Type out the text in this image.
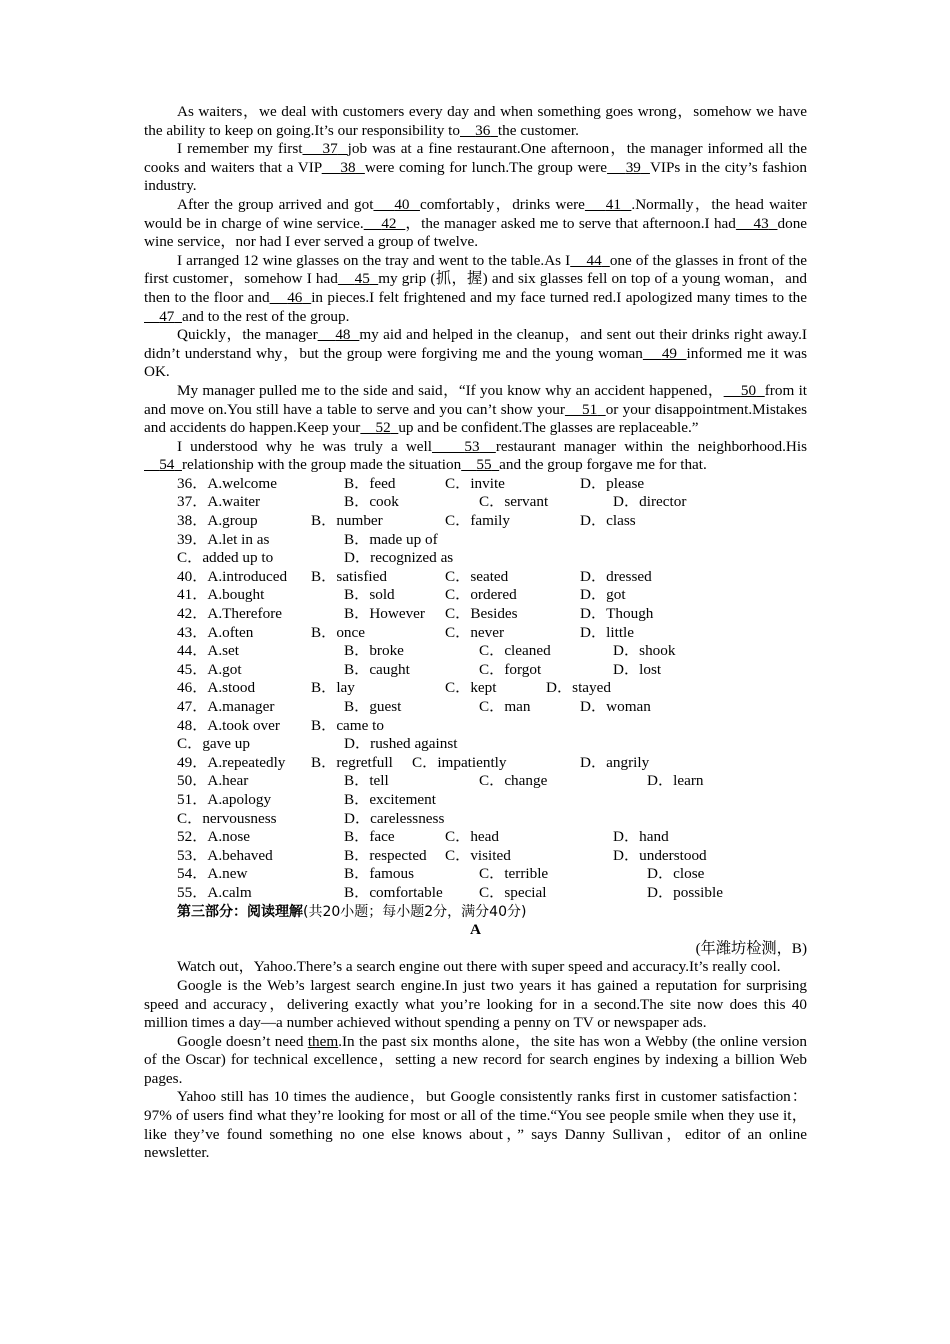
As waiters，we deal with customers every day and when something goes wrong，somehow we have the ability to keep on going.It’s our responsibility to 36 the customer.

I remember my first 37 job was at a fine restaurant.One afternoon，the manager informed all the cooks and waiters that a VIP 38 were coming for lunch.The group were 39 VIPs in the city’s fashion industry.

After the group arrived and got 40 comfortably，drinks were 41 .Normally，the head waiter would be in charge of wine service. 42 ，the manager asked me to serve that afternoon.I had 43 done wine service，nor had I ever served a group of twelve.

I arranged 12 wine glasses on the tray and went to the table.As I 44 one of the glasses in front of the first customer，somehow I had 45 my grip (抓，握) and six glasses fell on top of a young woman，and then to the floor and 46 in pieces.I felt frightened and my face turned red.I apologized many times to the    47 and to the rest of the group.

Quickly，the manager 48 my aid and helped in the cleanup，and sent out their drinks right away.I didn’t understand why，but the group were forgiving me and the young woman 49 informed me it was OK.

My manager pulled me to the side and said，“If you know why an accident happened， 50 from it and move on.You still have a table to serve and you can’t show your 51 or your disappointment.Mistakes and accidents do happen.Keep your 52 up and be confident.The glasses are replaceable.”

I understood why he was truly a well 53 restaurant manager within the neighborhood.His    54 relationship with the group made the situation 55 and the group forgave me for that.

36．A.welcome	B．feed	C．invite	D．please
37．A.waiter	B．cook	C．servant	D．director
38．A.group	B．number	C．family	D．class
39．A.let in as	B．made up of
C．added up to	D．recognized as
40．A.introduced B．satisfied	C．seated	D．dressed
41．A.bought	B．sold	C．ordered	D．got
42．A.Therefore	B．However C．Besides	D．Though
43．A.often	B．once	C．never	D．little
44．A.set	B．broke	C．cleaned	D．shook
45．A.got	B．caught	C．forgot	D．lost
46．A.stood	B．lay	C．kept	D．stayed
47．A.manager	B．guest	C．man	D．woman
48．A.took over B．came to
C．gave up	D．rushed against
49．A.repeatedly B．regretfull C．impatiently	D．angrily
50．A.hear	B．tell	C．change	D．learn
51．A.apology	B．excitement
C．nervousness	D．carelessness
52．A.nose	B．face	C．head	D．hand
53．A.behaved	B．respected C．visited	D．understood
54．A.new	B．famous	C．terrible	D．close
55．A.calm	B．comfortable C．special	D．possible
第三部分：阅读理解(共20小题；每小题2分，满分40分)
A
(年潍坊检测，B)

Watch out，Yahoo.There’s a search engine out there with super speed and accuracy.It’s really cool.

Google is the Web’s largest search engine.In just two years it has gained a reputation for surprising speed and accuracy，delivering exactly what you’re looking for in a second.The site now does this 40 million times a day—a number achieved without spending a penny on TV or newspaper ads.

Google doesn’t need them.In the past six months alone，the site has won a Webby (the online version of the Oscar) for technical excellence，setting a new record for search engines by indexing a billion Web pages.

Yahoo still has 10 times the audience，but Google consistently ranks first in customer satisfaction：97% of users find what they’re looking for most or all of the time.“You see people smile when they use it，like they’ve found something no one else knows about，” says Danny Sullivan，editor of an online newsletter.
